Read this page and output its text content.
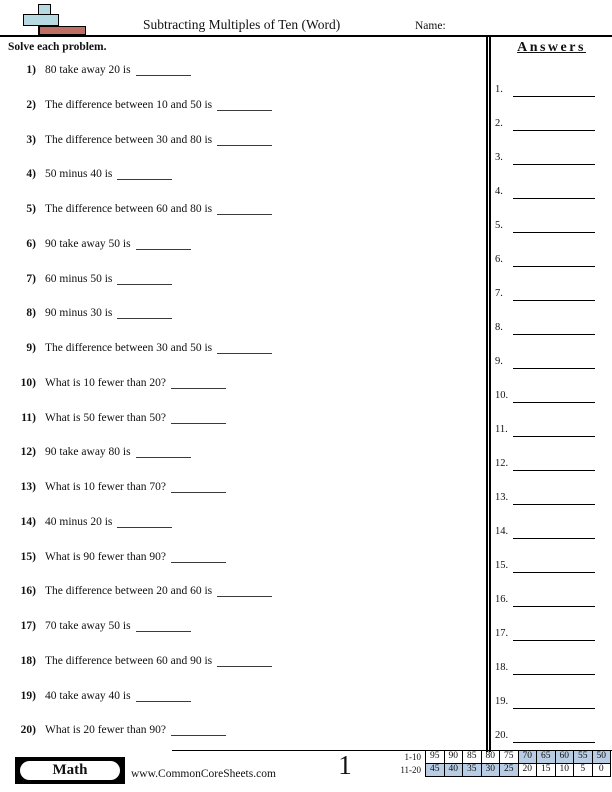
Subtracting Multiples of Ten (Word)	Name:
Solve each problem.
1) 80 take away 20 is
2) The difference between 10 and 50 is
3) The difference between 30 and 80 is
4) 50 minus 40 is
5) The difference between 60 and 80 is
6) 90 take away 50 is
7) 60 minus 50 is
8) 90 minus 30 is
9) The difference between 30 and 50 is
10) What is 10 fewer than 20?
11) What is 50 fewer than 50?
12) 90 take away 80 is
13) What is 10 fewer than 70?
14) 40 minus 20 is
15) What is 90 fewer than 90?
16) The difference between 20 and 60 is
17) 70 take away 50 is
18) The difference between 60 and 90 is
19) 40 take away 40 is
20) What is 20 fewer than 90?
Answers
1.
2.
3.
4.
5.
6.
7.
8.
9.
10.
11.
12.
13.
14.
15.
16.
17.
18.
19.
20.
Math	www.CommonCoreSheets.com	1	1-10	95	90	85	80	75	70	65	60	55	50
11-20	45	40	35	30	25	20	15	10	5	0
